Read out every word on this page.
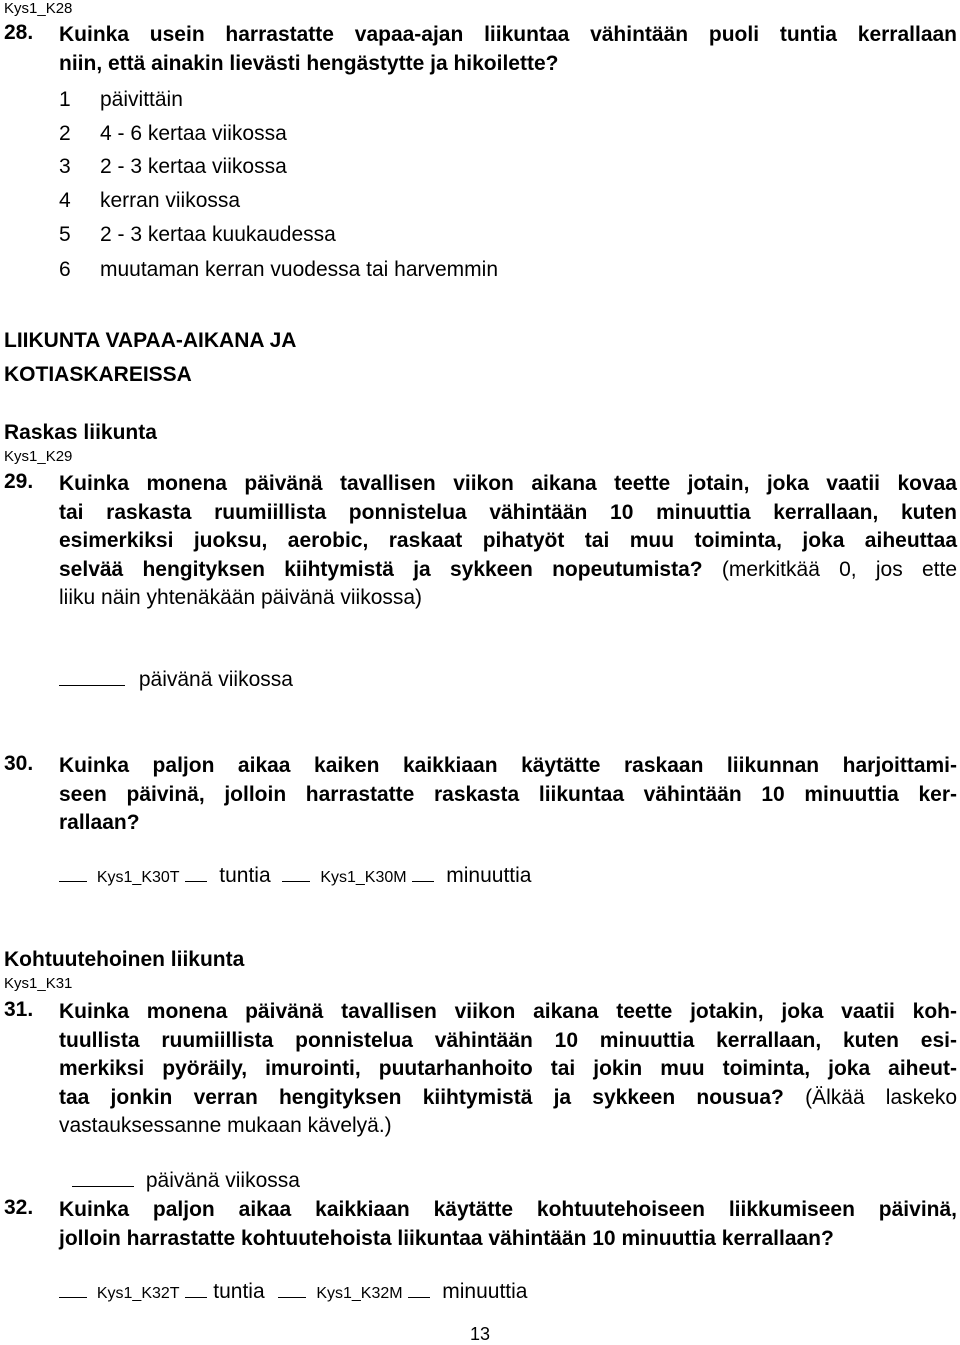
Kys1_K28
28. Kuinka usein harrastatte vapaa-ajan liikuntaa vähintään puoli tuntia kerrallaan
niin, että ainakin lievästi hengästytte ja hikoilette?
1 päivittäin
2 4 - 6 kertaa viikossa
3 2 - 3 kertaa viikossa
4 kerran viikossa
5 2 - 3 kertaa kuukaudessa
6 muutaman kerran vuodessa tai harvemmin
LIIKUNTA VAPAA-AIKANA JA
KOTIASKAREISSA
Raskas liikunta
Kys1_K29
29. Kuinka monena päivänä tavallisen viikon aikana teette jotain, joka vaatii kovaa
tai raskasta ruumiillista ponnistelua vähintään 10 minuuttia kerrallaan, kuten
esimerkiksi juoksu, aerobic, raskaat pihatyöt tai muu toiminta, joka aiheuttaa
selvää hengityksen kiihtymistä ja sykkeen nopeutumista? (merkitkää 0, jos ette
liiku näin yhtenäkään päivänä viikossa)
päivänä viikossa
30. Kuinka paljon aikaa kaiken kaikkiaan käytätte raskaan liikunnan harjoittami-
seen päivinä, jolloin harrastatte raskasta liikuntaa vähintään 10 minuuttia ker-
rallaan?
Kys1_K30T tuntia	Kys1_K30M minuuttia
Kohtuutehoinen liikunta
Kys1_K31
31. Kuinka monena päivänä tavallisen viikon aikana teette jotakin, joka vaatii koh-
tuullista ruumiillista ponnistelua vähintään 10 minuuttia kerrallaan, kuten esi-
merkiksi pyöräily, imurointi, puutarhanhoito tai jokin muu toiminta, joka aiheut-
taa jonkin verran hengityksen kiihtymistä ja sykkeen nousua? (Älkää laskeko
vastauksessanne mukaan kävelyä.)
päivänä viikossa
32. Kuinka paljon aikaa kaikkiaan käytätte kohtuutehoiseen liikkumiseen päivinä,
jolloin harrastatte kohtuutehoista liikuntaa vähintään 10 minuuttia kerrallaan?
Kys1_K32T tuntia	Kys1_K32M minuuttia
13
